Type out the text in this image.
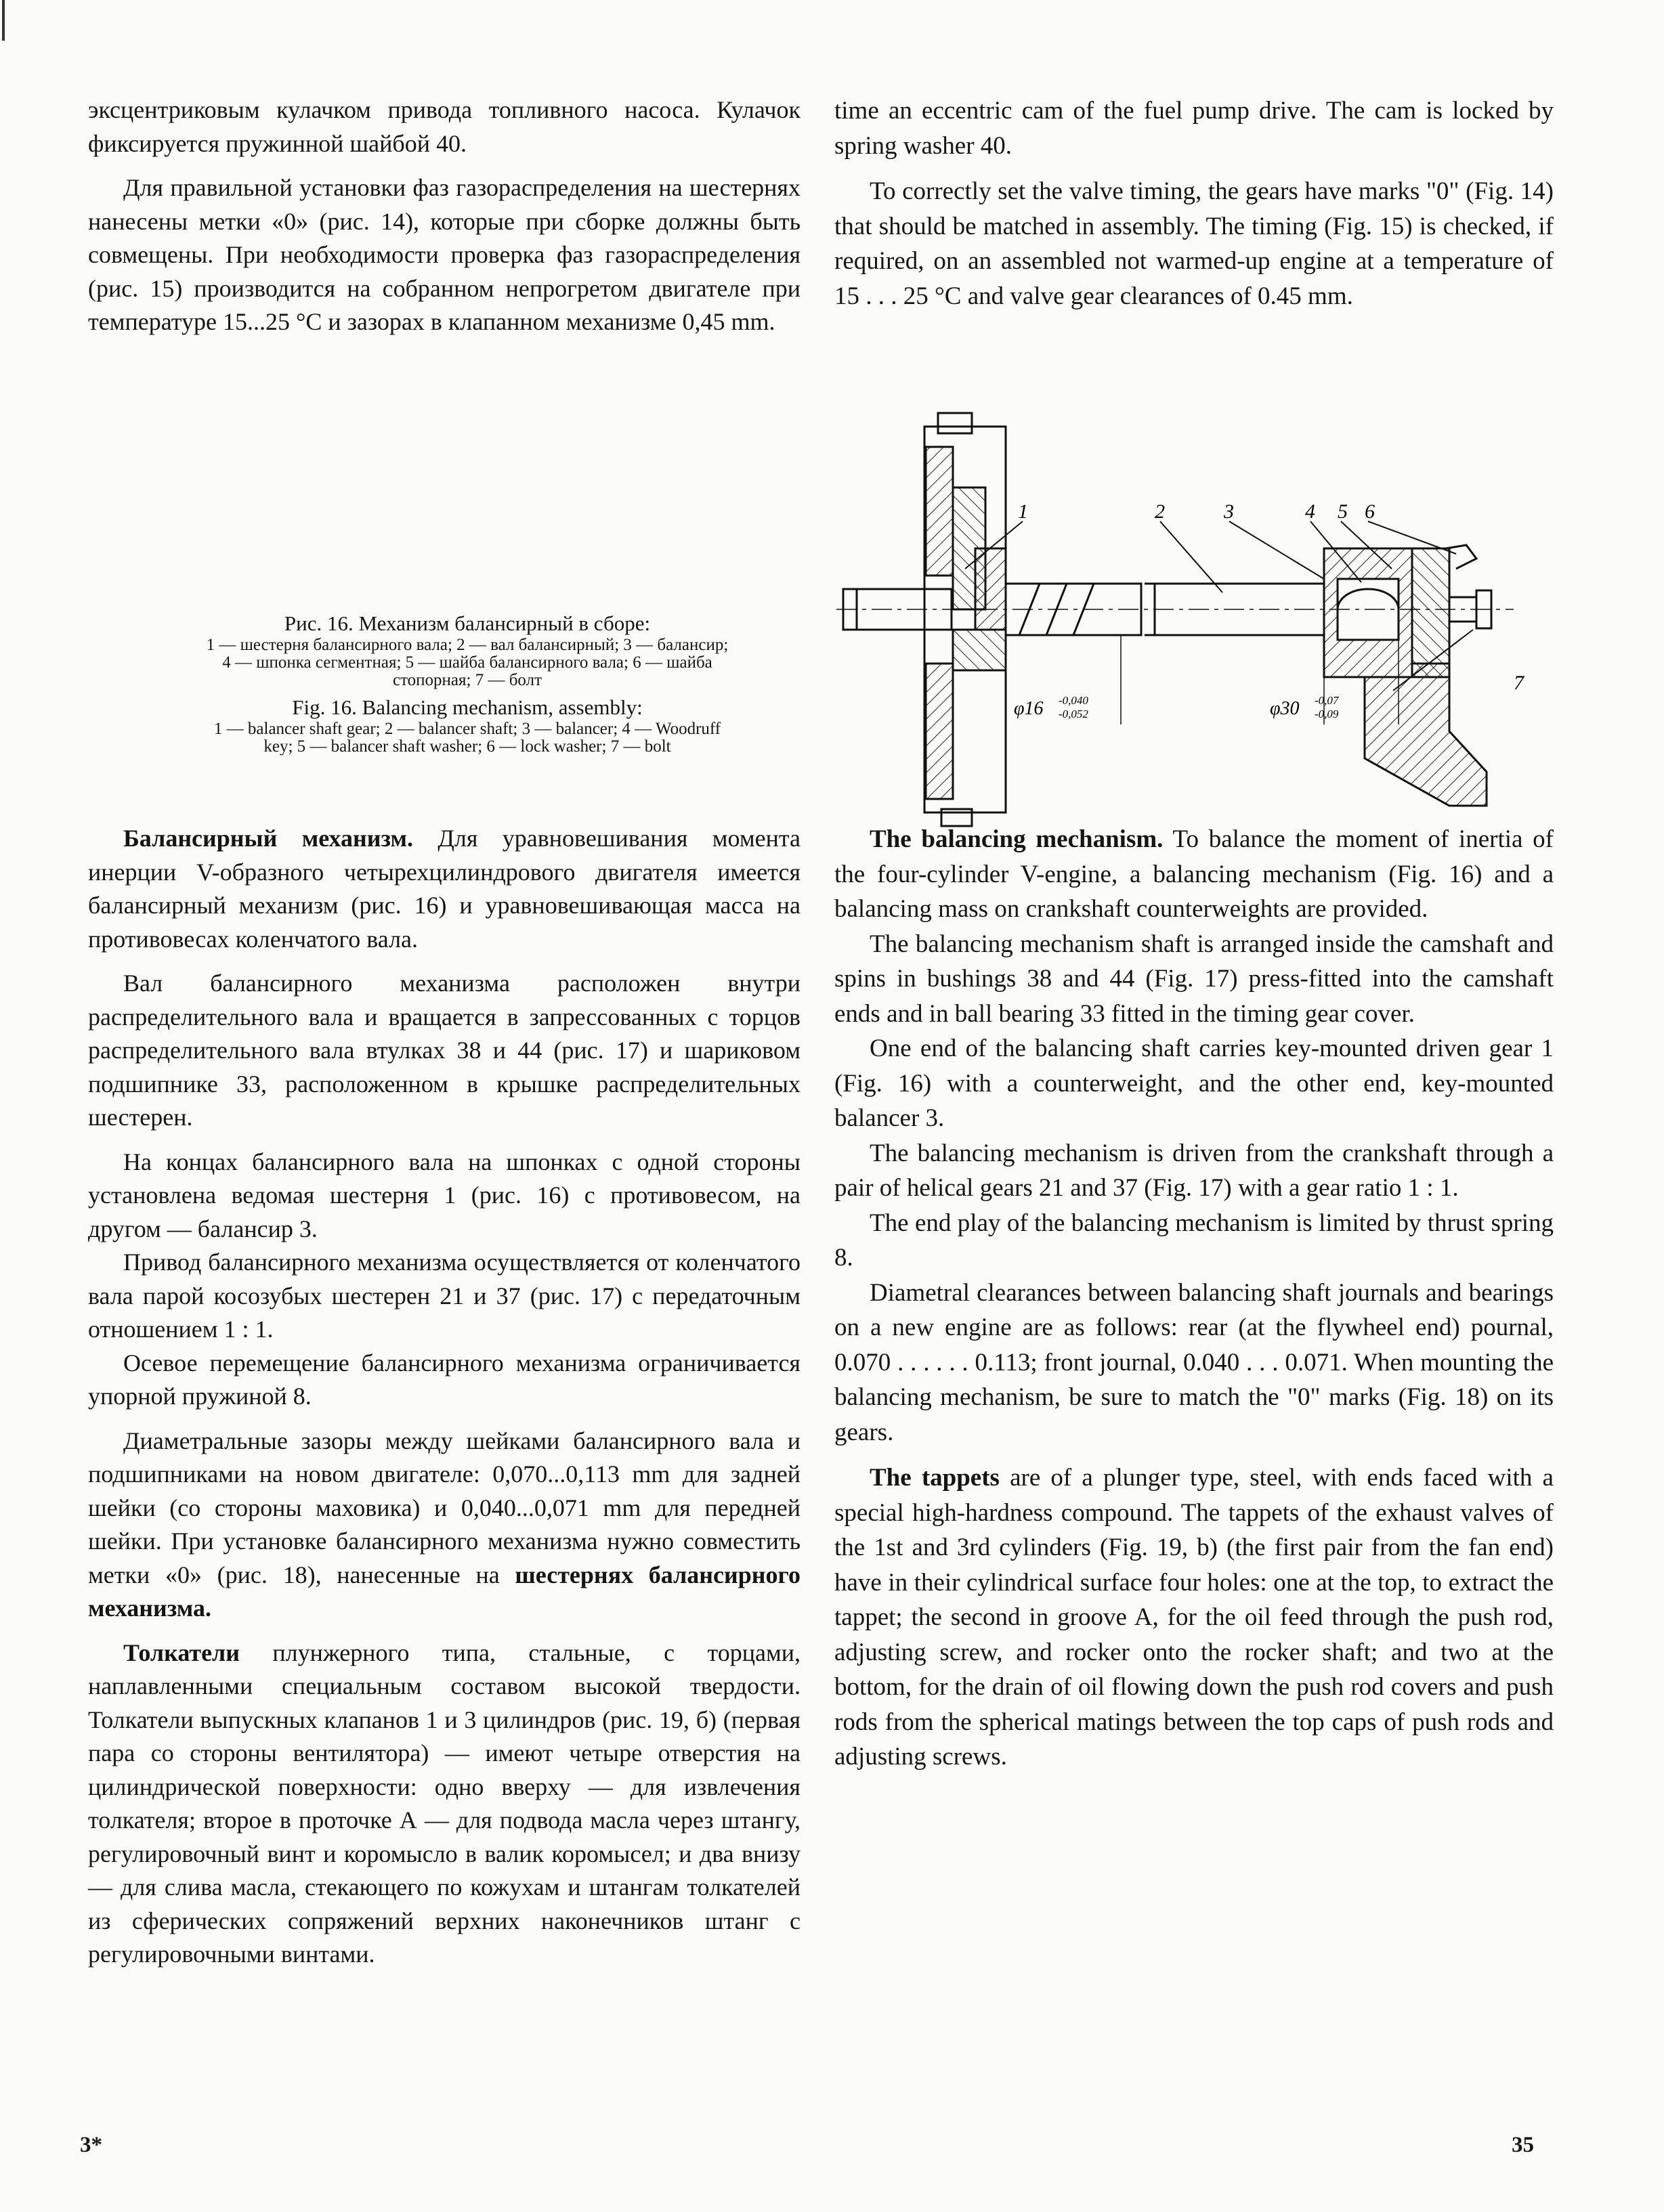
эксцентриковым кулачком привода топливного насоса. Кулачок фиксируется пружинной шайбой 40.

Для правильной установки фаз газораспределения на шестернях нанесены метки «0» (рис. 14), которые при сборке должны быть совмещены. При необходимости проверка фаз газораспределения (рис. 15) производится на собранном непрогретом двигателе при температуре 15...25 °С и зазорах в клапанном механизме 0,45 mm.

Рис. 16. Механизм балансирный в сборе:
1 — шестерня балансирного вала; 2 — вал балансирный; 3 — балансир; 4 — шпонка сегментная; 5 — шайба балансирного вала; 6 — шайба стопорная; 7 — болт
Fig. 16. Balancing mechanism, assembly:
1 — balancer shaft gear; 2 — balancer shaft; 3 — balancer; 4 — Woodruff key; 5 — balancer shaft washer; 6 — lock washer; 7 — bolt

Балансирный механизм. Для уравновешивания момента инерции V-образного четырехцилиндрового двигателя имеется балансирный механизм (рис. 16) и уравновешивающая масса на противовесах коленчатого вала.

Вал балансирного механизма расположен внутри распределительного вала и вращается в запрессованных с торцов распределительного вала втулках 38 и 44 (рис. 17) и шариковом подшипнике 33, расположенном в крышке распределительных шестерен.

На концах балансирного вала на шпонках с одной стороны установлена ведомая шестерня 1 (рис. 16) с противовесом, на другом — балансир 3.

Привод балансирного механизма осуществляется от коленчатого вала парой косозубых шестерен 21 и 37 (рис. 17) с передаточным отношением 1 : 1.

Осевое перемещение балансирного механизма ограничивается упорной пружиной 8.

Диаметральные зазоры между шейками балансирного вала и подшипниками на новом двигателе: 0,070...0,113 mm для задней шейки (со стороны маховика) и 0,040...0,071 mm для передней шейки. При установке балансирного механизма нужно совместить метки «0» (рис. 18), нанесенные на шестернях балансирного механизма.

Толкатели плунжерного типа, стальные, с торцами, наплавленными специальным составом высокой твердости. Толкатели выпускных клапанов 1 и 3 цилиндров (рис. 19, б) (первая пара со стороны вентилятора) — имеют четыре отверстия на цилиндрической поверхности: одно вверху — для извлечения толкателя; второе в проточке А — для подвода масла через штангу, регулировочный винт и коромысло в валик коромысел; и два внизу — для слива масла, стекающего по кожухам и штангам толкателей из сферических сопряжений верхних наконечников штанг с регулировочными винтами.

time an eccentric cam of the fuel pump drive. The cam is locked by spring washer 40.

To correctly set the valve timing, the gears have marks "0" (Fig. 14) that should be matched in assembly. The timing (Fig. 15) is checked, if required, on an assembled not warmed-up engine at a temperature of 15 . . . 25 °C and valve gear clearances of 0.45 mm.

1	2	3	4 5 6
7
φ16 -0,040
-0,052	φ30 -0,07
-0,09

The balancing mechanism. To balance the moment of inertia of the four-cylinder V-engine, a balancing mechanism (Fig. 16) and a balancing mass on crankshaft counterweights are provided.

The balancing mechanism shaft is arranged inside the camshaft and spins in bushings 38 and 44 (Fig. 17) press-fitted into the camshaft ends and in ball bearing 33 fitted in the timing gear cover.

One end of the balancing shaft carries key-mounted driven gear 1 (Fig. 16) with a counterweight, and the other end, key-mounted balancer 3.

The balancing mechanism is driven from the crankshaft through a pair of helical gears 21 and 37 (Fig. 17) with a gear ratio 1 : 1.

The end play of the balancing mechanism is limited by thrust spring 8.

Diametral clearances between balancing shaft journals and bearings on a new engine are as follows: rear (at the flywheel end) pournal, 0.070 . . . . . . 0.113; front journal, 0.040 . . . 0.071. When mounting the balancing mechanism, be sure to match the "0" marks (Fig. 18) on its gears.

The tappets are of a plunger type, steel, with ends faced with a special high-hardness compound. The tappets of the exhaust valves of the 1st and 3rd cylinders (Fig. 19, b) (the first pair from the fan end) have in their cylindrical surface four holes: one at the top, to extract the tappet; the second in groove A, for the oil feed through the push rod, adjusting screw, and rocker onto the rocker shaft; and two at the bottom, for the drain of oil flowing down the push rod covers and push rods from the spherical matings between the top caps of push rods and adjusting screws.

3*	35
